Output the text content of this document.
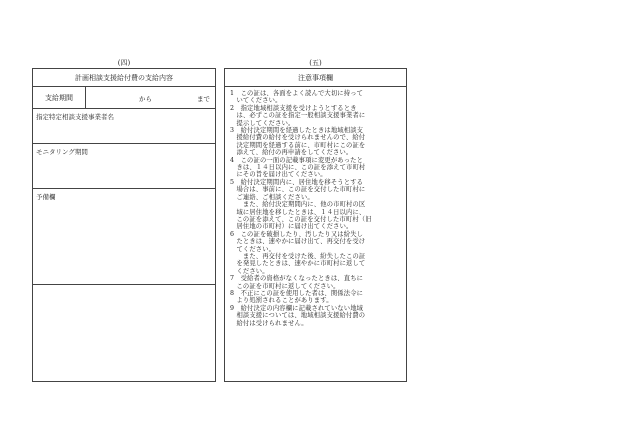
(四)	(五)
計画相談支援給付費の支給内容
支給期間	から	まで
指定特定相談支援事業者名
モニタリング期間
予備欄
注意事項欄
1　この証は、各面をよく読んで大切に持って
　いてください。
2　指定地域相談支援を受けようとするとき
　は、必ずこの証を指定一般相談支援事業者に
　提示してください。
3　給付決定期間を経過したときは地域相談支
　援給付費の給付を受けられませんので、給付
　決定期間を経過する前に、市町村にこの証を
　添えて、給付の再申請をしてください。
4　この証の一面の記載事項に変更があったと
　きは、１４日以内に、この証を添えて市町村
　にその旨を届け出てください。
5　給付決定期間内に、居住地を移そうとする
　場合は、事前に、この証を交付した市町村に
　ご連絡、ご相談ください。
　　また、給付決定期間内に、他の市町村の区
　域に居住地を移したときは、１４日以内に、
　この証を添えて、この証を交付した市町村（旧
　居住地の市町村）に届け出てください。
6　この証を破損したり、汚したり又は紛失し
　たときは、速やかに届け出て、再交付を受け
　てください。
　　また、再交付を受けた後、紛失したこの証
　を発見したときは、速やかに市町村に返して
　ください。
7　受給者の資格がなくなったときは、直ちに
　この証を市町村に返してください。
8　不正にこの証を使用した者は、関係法令に
　より処罰されることがあります。
9　給付決定の内容欄に記載されていない地域
　相談支援については、地域相談支援給付費の
　給付は受けられません。
